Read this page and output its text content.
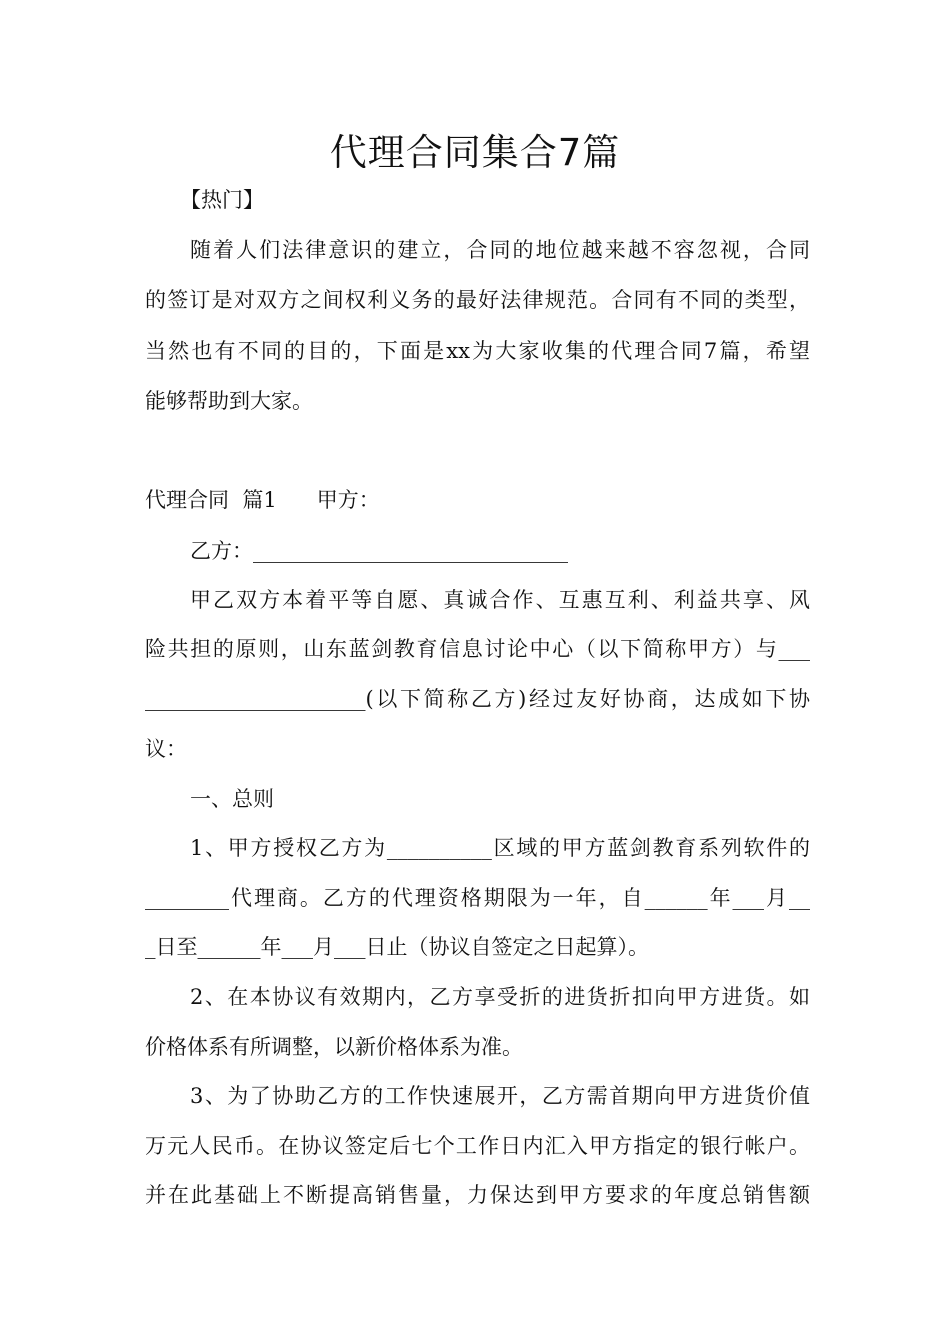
代理合同集合7篇

【热门】

随着人们法律意识的建立，合同的地位越来越不容忽视，合同

的签订是对双方之间权利义务的最好法律规范。合同有不同的类型，

当然也有不同的目的，下面是xx为大家收集的代理合同7篇，希望

能够帮助到大家。

代理合同  篇1      甲方：

乙方：______________________________

甲乙双方本着平等自愿、真诚合作、互惠互利、利益共享、风

险共担的原则，山东蓝剑教育信息讨论中心（以下简称甲方）与___

_____________________(以下简称乙方)经过友好协商，达成如下协

议：

一、总则

1、甲方授权乙方为__________区域的甲方蓝剑教育系列软件的

________代理商。乙方的代理资格期限为一年，自______年___月__

_日至______年___月___日止（协议自签定之日起算）。

2、在本协议有效期内，乙方享受折的进货折扣向甲方进货。如

价格体系有所调整，以新价格体系为准。

3、为了协助乙方的工作快速展开，乙方需首期向甲方进货价值

万元人民币。在协议签定后七个工作日内汇入甲方指定的银行帐户。

并在此基础上不断提高销售量，力保达到甲方要求的年度总销售额
